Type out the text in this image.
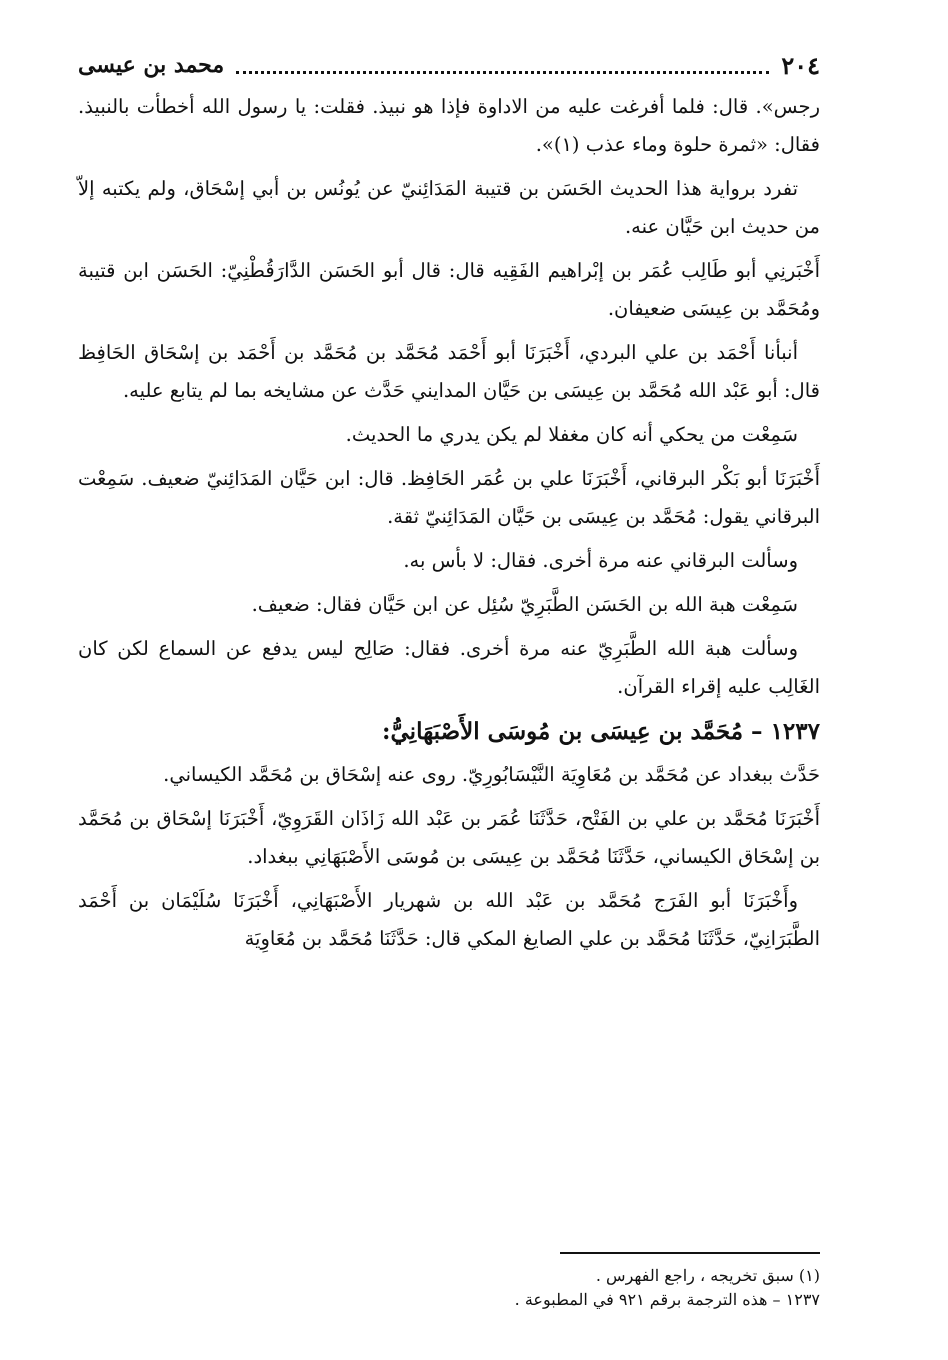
٢٠٤
محمد بن عيسى

رجس». قال: فلما أفرغت عليه من الاداوة فإذا هو نبيذ. فقلت: يا رسول الله أخطأت بالنبيذ. فقال: «ثمرة حلوة وماء عذب (١)».

تفرد برواية هذا الحديث الحَسَن بن قتيبة المَدَائِنيّ عن يُونُس بن أبي إسْحَاق، ولم يكتبه إلاّ من حديث ابن حَيَّان عنه.

أَخْبَرنِي أبو طَالِب عُمَر بن إبْراهيم الفَقِيه قال: قال أبو الحَسَن الدَّارَقُطْنِيّ: الحَسَن ابن قتيبة ومُحَمَّد بن عِيسَى ضعيفان.

أنبأنا أَحْمَد بن علي البردي، أَخْبَرَنَا أبو أَحْمَد مُحَمَّد بن مُحَمَّد بن أَحْمَد بن إسْحَاق الحَافِظ قال: أبو عَبْد الله مُحَمَّد بن عِيسَى بن حَيَّان المدايني حَدَّث عن مشايخه بما لم يتابع عليه.

سَمِعْت من يحكي أنه كان مغفلا لم يكن يدري ما الحديث.

أَخْبَرَنَا أبو بَكْر البرقاني، أَخْبَرَنَا علي بن عُمَر الحَافِظ. قال: ابن حَيَّان المَدَائِنيّ ضعيف. سَمِعْت البرقاني يقول: مُحَمَّد بن عِيسَى بن حَيَّان المَدَائِنيّ ثقة.

وسألت البرقاني عنه مرة أخرى. فقال: لا بأس به.

سَمِعْت هبة الله بن الحَسَن الطَّبَرِيّ سُئِل عن ابن حَيَّان فقال: ضعيف.

وسألت هبة الله الطَّبَرِيّ عنه مرة أخرى. فقال: صَالِح ليس يدفع عن السماع لكن كان الغَالِب عليه إقراء القرآن.

١٢٣٧ – مُحَمَّد بن عِيسَى بن مُوسَى الأَصْبَهَانِيُّ:

حَدَّث ببغداد عن مُحَمَّد بن مُعَاوِيَة النَّيْسَابُورِيّ. روى عنه إسْحَاق بن مُحَمَّد الكيساني.

أَخْبَرَنَا مُحَمَّد بن علي بن الفَتْح، حَدَّثَنَا عُمَر بن عَبْد الله زَاذَان القَرَوِيّ، أَخْبَرَنَا إسْحَاق بن مُحَمَّد بن إسْحَاق الكيساني، حَدَّثَنَا مُحَمَّد بن عِيسَى بن مُوسَى الأَصْبَهَانِي ببغداد.

وأَخْبَرَنَا أبو الفَرَج مُحَمَّد بن عَبْد الله بن شهريار الأَصْبَهَانِي، أَخْبَرَنَا سُلَيْمَان بن أَحْمَد الطَّبَرَانِيّ، حَدَّثَنَا مُحَمَّد بن علي الصايغ المكي قال: حَدَّثَنَا مُحَمَّد بن مُعَاوِيَة

(١) سبق تخريجه ، راجع الفهرس .

١٢٣٧ – هذه الترجمة برقم ٩٢١ في المطبوعة .
